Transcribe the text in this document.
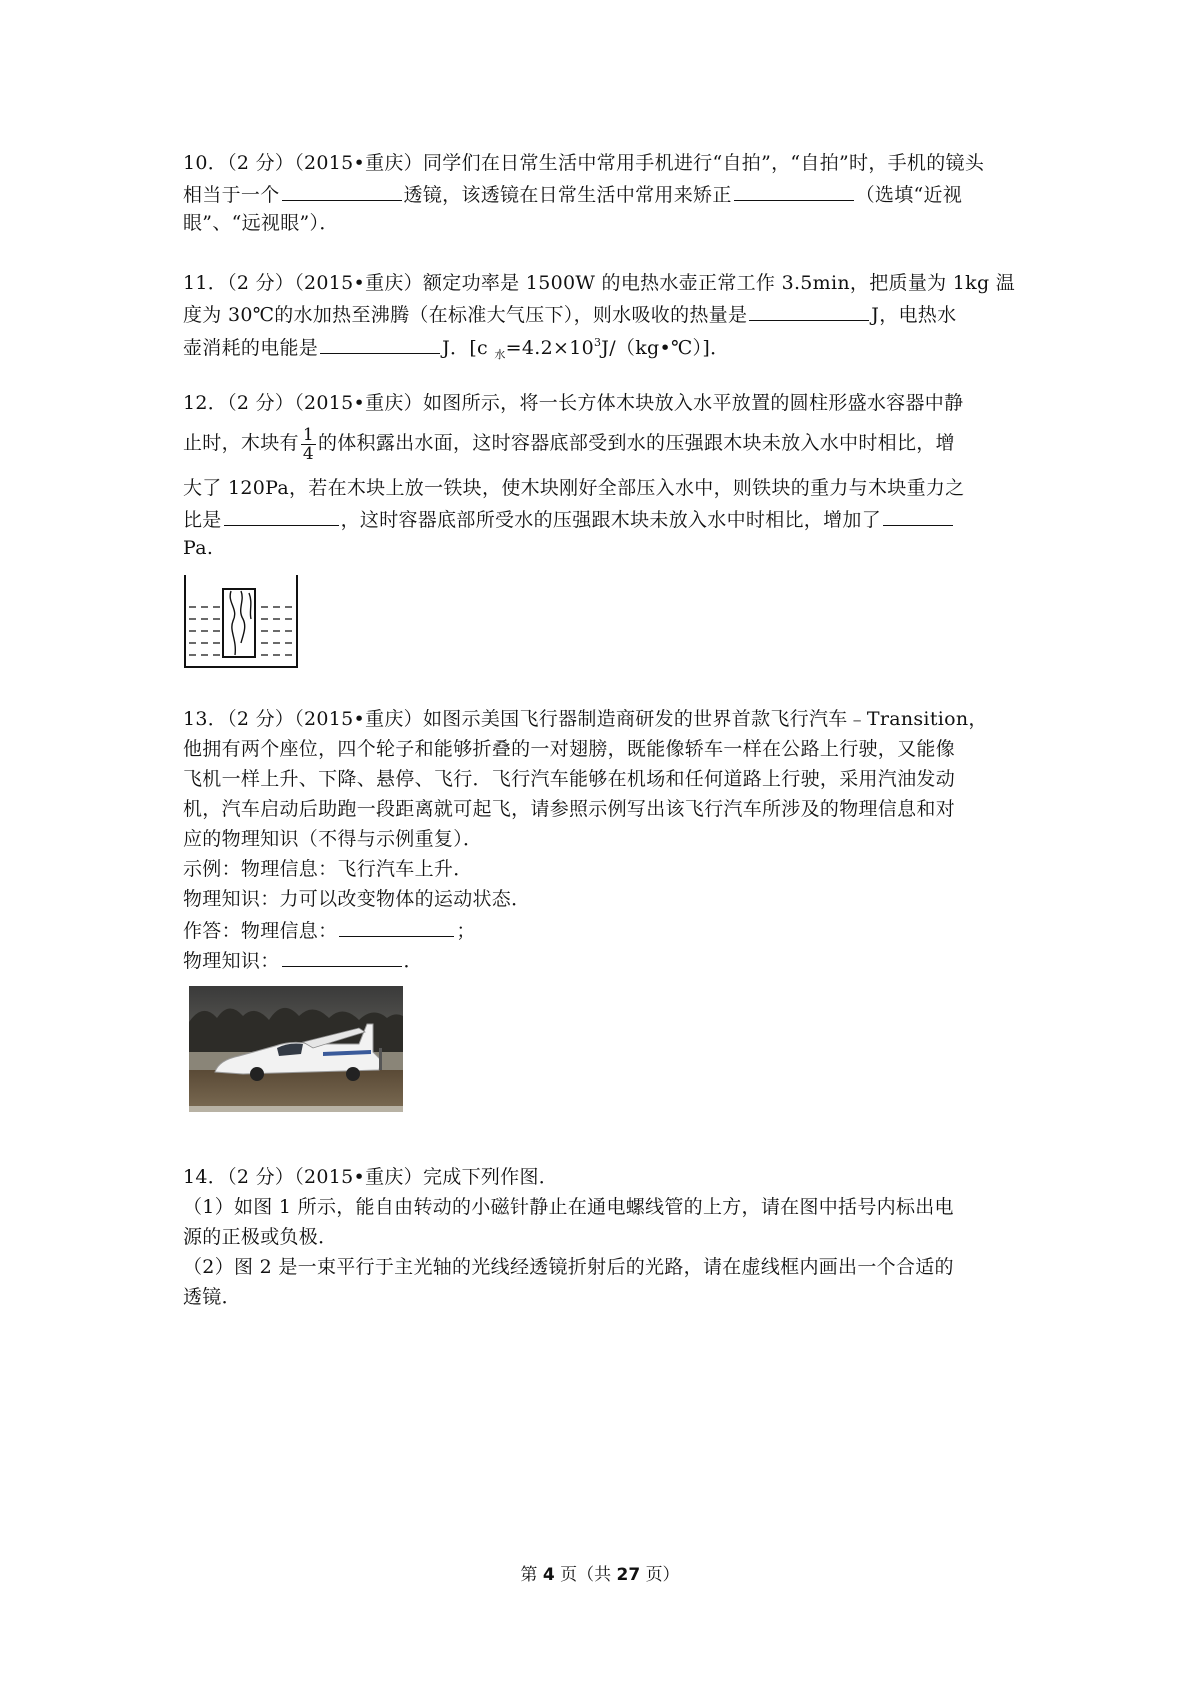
10．（2 分）（2015•重庆）同学们在日常生活中常用手机进行“自拍”，“自拍”时，手机的镜头
相当于一个	透镜，该透镜在日常生活中常用来矫正	（选填“近视
眼”、“远视眼”）．
11．（2 分）（2015•重庆）额定功率是 1500W 的电热水壶正常工作 3.5min，把质量为 1kg 温
度为 30℃的水加热至沸腾（在标准大气压下），则水吸收的热量是	J，电热水
壶消耗的电能是	J．[c $_水=4.2\times 10^3J/(kg•℃)$]．
12．（2 分）（2015•重庆）如图所示，将一长方体木块放入水平放置的圆柱形盛水容器中静
止时，木块有 $\frac{1}{4}$ 的体积露出水面，这时容器底部受到水的压强跟木块未放入水中时相比，增
大了 120Pa，若在木块上放一铁块，使木块刚好全部压入水中，则铁块的重力与木块重力之
比是	，这时容器底部所受水的压强跟木块未放入水中时相比，增加了
Pa.
13．（2 分）（2015•重庆）如图示美国飞行器制造商研发的世界首款飞行汽车﹣Transition，
他拥有两个座位，四个轮子和能够折叠的一对翅膀，既能像轿车一样在公路上行驶，又能像
飞机一样上升、下降、悬停、飞行．飞行汽车能够在机场和任何道路上行驶，采用汽油发动
机，汽车启动后助跑一段距离就可起飞，请参照示例写出该飞行汽车所涉及的物理信息和对
应的物理知识（不得与示例重复）．
示例：物理信息：飞行汽车上升．
物理知识：力可以改变物体的运动状态．
作答：物理信息：	；
物理知识：	．
14．（2 分）（2015•重庆）完成下列作图．
（1）如图 1 所示，能自由转动的小磁针静止在通电螺线管的上方，请在图中括号内标出电
源的正极或负极．
（2）图 2 是一束平行于主光轴的光线经透镜折射后的光路，请在虚线框内画出一个合适的
透镜．
第 4 页（共 27 页）
